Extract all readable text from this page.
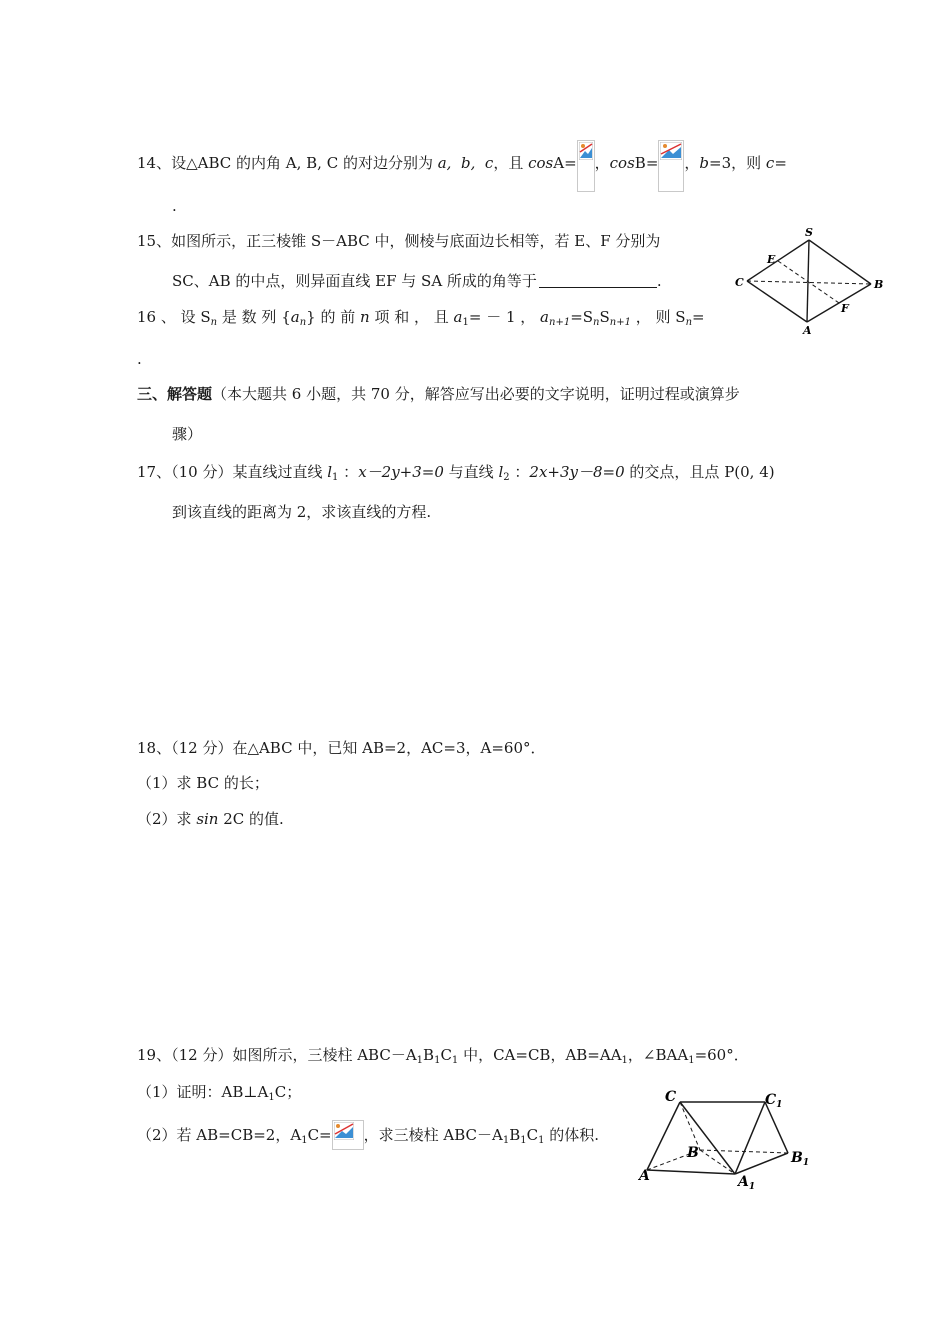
14、设△ABC 的内角 A, B, C 的对边分别为 a, b, c，且 cosA= ，cosB= ，b=3，则 c=
.
15、如图所示，正三棱锥 S－ABC 中，侧棱与底面边长相等，若 E、F 分别为
SC、AB 的中点，则异面直线 EF 与 SA 所成的角等于	.
S
E
C	B
F
A
16 、 设 $S_n$ 是 数 列 $\{a_n\}$ 的 前 n 项 和 ， 且 $a_1= - 1$ ， $a_{n+1}=S_nS_{n+1}$ ， 则 $S_n=$
.
三、解答题（本大题共 6 小题，共 70 分，解答应写出必要的文字说明，证明过程或演算步
骤）
17、（10 分）某直线过直线 $l_1$ ：x－2y+3=0 与直线 $l_2$ ：2x+3y－8=0 的交点，且点 P(0, 4)
到该直线的距离为 2，求该直线的方程.
18、（12 分）在△ABC 中，已知 AB=2，AC=3，A=60°．
（1）求 BC 的长；
（2）求 sin 2C 的值.
19、（12 分）如图所示，三棱柱 $ABC-A_1B_1C_1$ 中，CA=CB，$AB=AA_1$，$\angle BAA_1=60^\circ$．
（1）证明：$AB\perp A_1C$；
（2）若 AB=CB=2，$A_1C=$ ，求三棱柱 $ABC-A_1B_1C_1$ 的体积.
C	$C_1$
B	$B_1$
A	$A_1$
